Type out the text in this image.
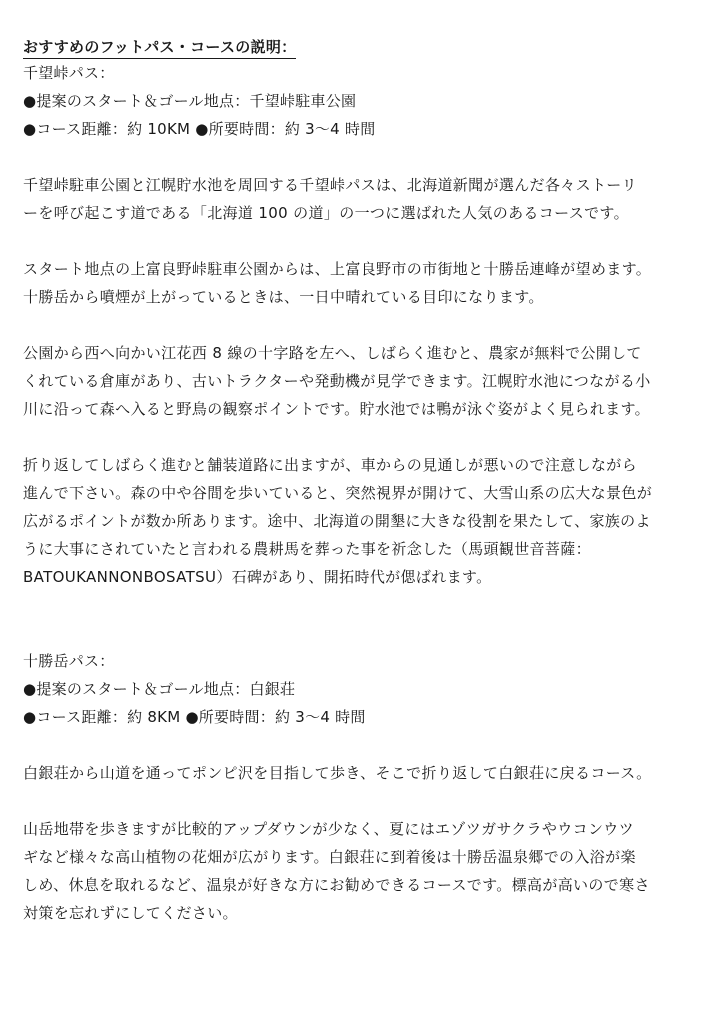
おすすめのフットパス・コースの説明：
千望峠パス：
●提案のスタート＆ゴール地点：千望峠駐車公園
●コース距離：約 10KM ●所要時間：約 3〜4 時間
千望峠駐車公園と江幌貯水池を周回する千望峠パスは、北海道新聞が選んだ各々ストーリ
ーを呼び起こす道である「北海道 100 の道」の一つに選ばれた人気のあるコースです。
スタート地点の上富良野峠駐車公園からは、上富良野市の市街地と十勝岳連峰が望めます。
十勝岳から噴煙が上がっているときは、一日中晴れている目印になります。
公園から西へ向かい江花西 8 線の十字路を左へ、しばらく進むと、農家が無料で公開して
くれている倉庫があり、古いトラクターや発動機が見学できます。江幌貯水池につながる小
川に沿って森へ入ると野鳥の観察ポイントです。貯水池では鴨が泳ぐ姿がよく見られます。
折り返してしばらく進むと舗装道路に出ますが、車からの見通しが悪いので注意しながら
進んで下さい。森の中や谷間を歩いていると、突然視界が開けて、大雪山系の広大な景色が
広がるポイントが数か所あります。途中、北海道の開墾に大きな役割を果たして、家族のよ
うに大事にされていたと言われる農耕馬を葬った事を祈念した（馬頭観世音菩薩：
BATOUKANNONBOSATSU）石碑があり、開拓時代が偲ばれます。
十勝岳パス：
●提案のスタート＆ゴール地点：白銀荘
●コース距離：約 8KM ●所要時間：約 3〜4 時間
白銀荘から山道を通ってポンピ沢を目指して歩き、そこで折り返して白銀荘に戻るコース。
山岳地帯を歩きますが比較的アップダウンが少なく、夏にはエゾツガサクラやウコンウツ
ギなど様々な高山植物の花畑が広がります。白銀荘に到着後は十勝岳温泉郷での入浴が楽
しめ、休息を取れるなど、温泉が好きな方にお勧めできるコースです。標高が高いので寒さ
対策を忘れずにしてください。
